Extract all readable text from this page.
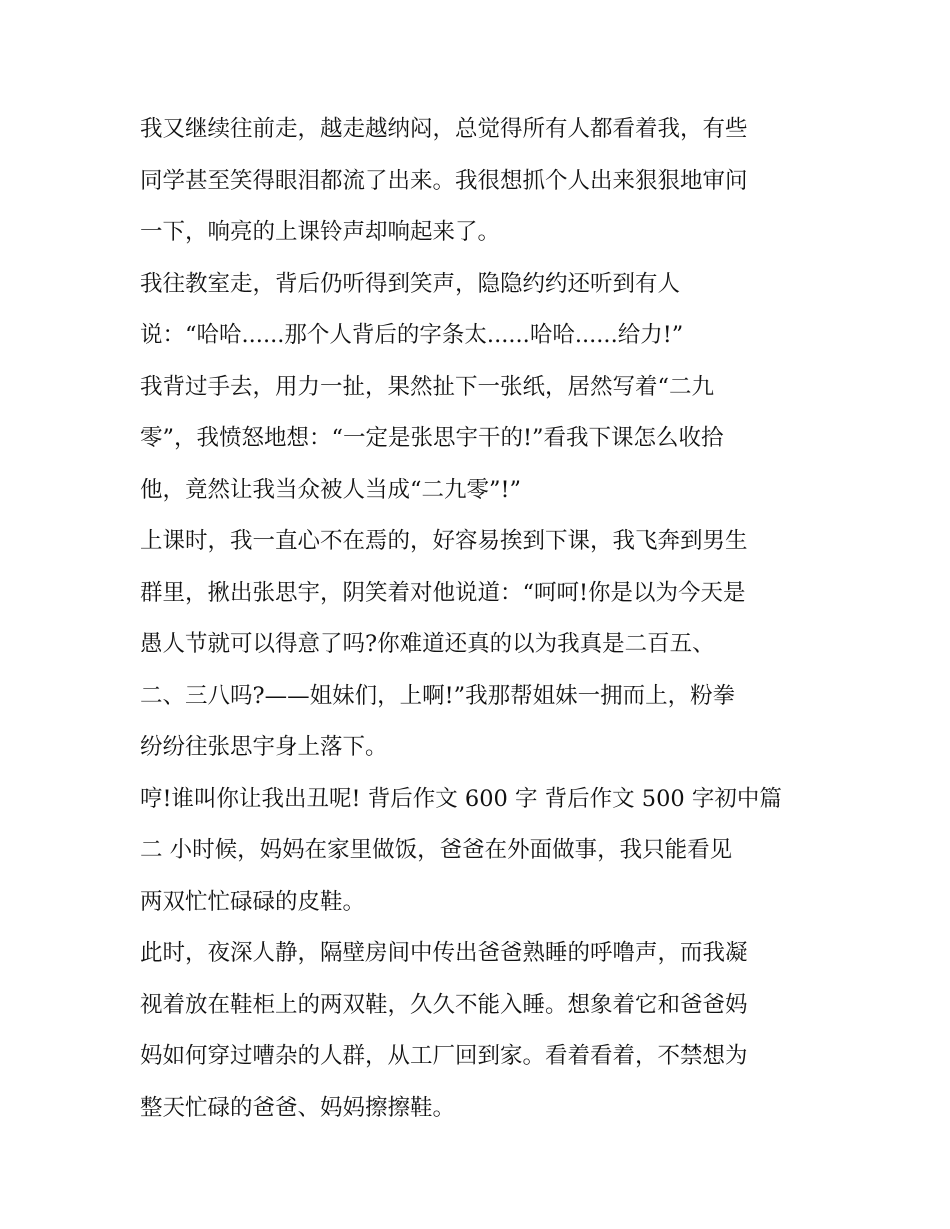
我又继续往前走，越走越纳闷，总觉得所有人都看着我，有些
同学甚至笑得眼泪都流了出来。我很想抓个人出来狠狠地审问
一下，响亮的上课铃声却响起来了。
我往教室走，背后仍听得到笑声，隐隐约约还听到有人
说：“哈哈......那个人背后的字条太......哈哈......给力!”
我背过手去，用力一扯，果然扯下一张纸，居然写着“二九
零”，我愤怒地想：“一定是张思宇干的!”看我下课怎么收拾
他，竟然让我当众被人当成“二九零”!”
上课时，我一直心不在焉的，好容易挨到下课，我飞奔到男生
群里，揪出张思宇，阴笑着对他说道：“呵呵!你是以为今天是
愚人节就可以得意了吗?你难道还真的以为我真是二百五、
二、三八吗?——姐妹们，上啊!”我那帮姐妹一拥而上，粉拳
纷纷往张思宇身上落下。
哼!谁叫你让我出丑呢! 背后作文 600 字 背后作文 500 字初中篇
二 小时候，妈妈在家里做饭，爸爸在外面做事，我只能看见
两双忙忙碌碌的皮鞋。
此时，夜深人静，隔壁房间中传出爸爸熟睡的呼噜声，而我凝
视着放在鞋柜上的两双鞋，久久不能入睡。想象着它和爸爸妈
妈如何穿过嘈杂的人群，从工厂回到家。看着看着，不禁想为
整天忙碌的爸爸、妈妈擦擦鞋。
